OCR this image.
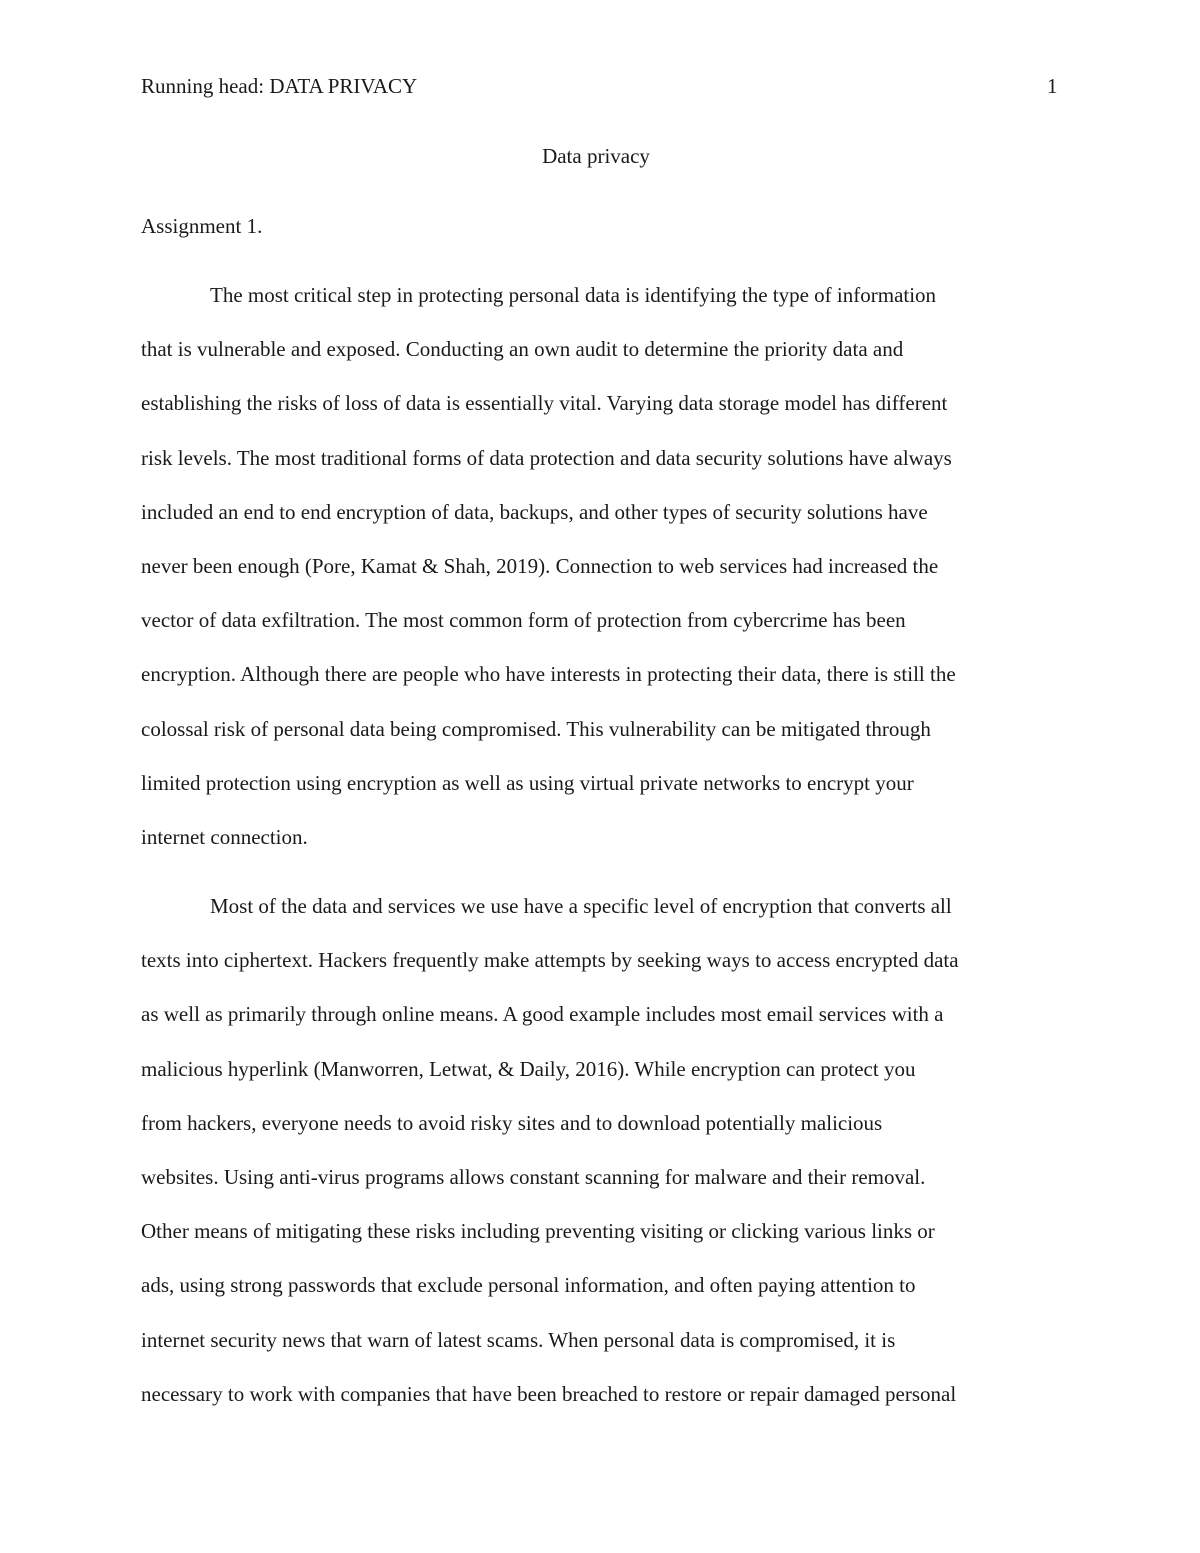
Running head: DATA PRIVACY	1
Data privacy
Assignment 1.
The most critical step in protecting personal data is identifying the type of information
that is vulnerable and exposed. Conducting an own audit to determine the priority data and
establishing the risks of loss of data is essentially vital. Varying data storage model has different
risk levels. The most traditional forms of data protection and data security solutions have always
included an end to end encryption of data, backups, and other types of security solutions have
never been enough (Pore, Kamat & Shah, 2019). Connection to web services had increased the
vector of data exfiltration. The most common form of protection from cybercrime has been
encryption. Although there are people who have interests in protecting their data, there is still the
colossal risk of personal data being compromised. This vulnerability can be mitigated through
limited protection using encryption as well as using virtual private networks to encrypt your
internet connection.
Most of the data and services we use have a specific level of encryption that converts all
texts into ciphertext. Hackers frequently make attempts by seeking ways to access encrypted data
as well as primarily through online means. A good example includes most email services with a
malicious hyperlink (Manworren, Letwat, & Daily, 2016). While encryption can protect you
from hackers, everyone needs to avoid risky sites and to download potentially malicious
websites. Using anti-virus programs allows constant scanning for malware and their removal.
Other means of mitigating these risks including preventing visiting or clicking various links or
ads, using strong passwords that exclude personal information, and often paying attention to
internet security news that warn of latest scams. When personal data is compromised, it is
necessary to work with companies that have been breached to restore or repair damaged personal
